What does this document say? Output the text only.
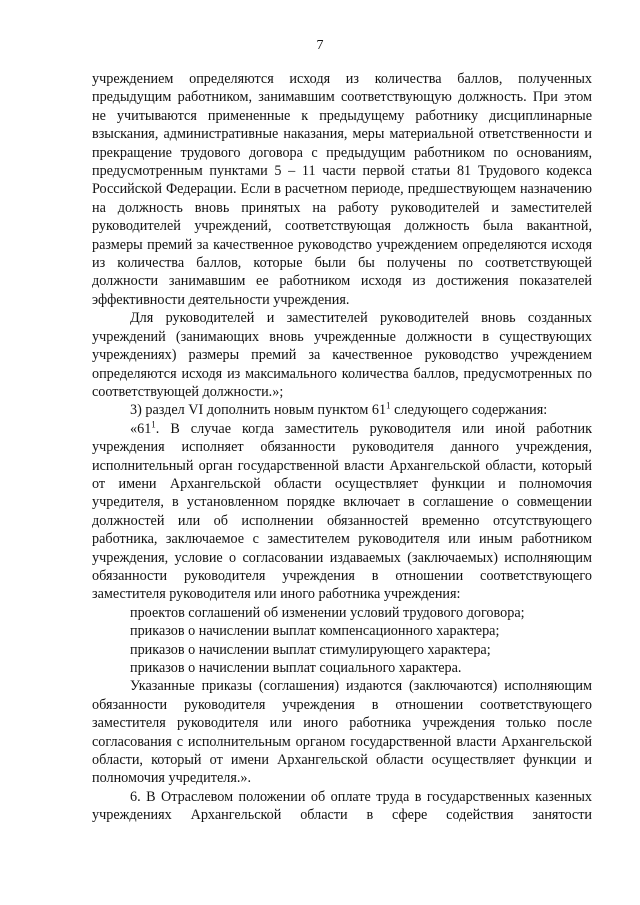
7

учреждением определяются исходя из количества баллов, полученных предыдущим работником, занимавшим соответствующую должность. При этом не учитываются примененные к предыдущему работнику дисциплинарные взыскания, административные наказания, меры материальной ответственности и прекращение трудового договора с предыдущим работником по основаниям, предусмотренным пунктами 5 – 11 части первой статьи 81 Трудового кодекса Российской Федерации. Если в расчетном периоде, предшествующем назначению на должность вновь принятых на работу руководителей и заместителей руководителей учреждений, соответствующая должность была вакантной, размеры премий за качественное руководство учреждением определяются исходя из количества баллов, которые были бы получены по соответствующей должности занимавшим ее работником исходя из достижения показателей эффективности деятельности учреждения.

Для руководителей и заместителей руководителей вновь созданных учреждений (занимающих вновь учрежденные должности в существующих учреждениях) размеры премий за качественное руководство учреждением определяются исходя из максимального количества баллов, предусмотренных по соответствующей должности.»;

3) раздел VI дополнить новым пунктом $61^1$ следующего содержания:

«$61^1$. В случае когда заместитель руководителя или иной работник учреждения исполняет обязанности руководителя данного учреждения, исполнительный орган государственной власти Архангельской области, который от имени Архангельской области осуществляет функции и полномочия учредителя, в установленном порядке включает в соглашение о совмещении должностей или об исполнении обязанностей временно отсутствующего работника, заключаемое с заместителем руководителя или иным работником учреждения, условие о согласовании издаваемых (заключаемых) исполняющим обязанности руководителя учреждения в отношении соответствующего заместителя руководителя или иного работника учреждения:

проектов соглашений об изменении условий трудового договора;

приказов о начислении выплат компенсационного характера;

приказов о начислении выплат стимулирующего характера;

приказов о начислении выплат социального характера.

Указанные приказы (соглашения) издаются (заключаются) исполняющим обязанности руководителя учреждения в отношении соответствующего заместителя руководителя или иного работника учреждения только после согласования с исполнительным органом государственной власти Архангельской области, который от имени Архангельской области осуществляет функции и полномочия учредителя.».

6. В Отраслевом положении об оплате труда в государственных казенных учреждениях Архангельской области в сфере содействия занятости
